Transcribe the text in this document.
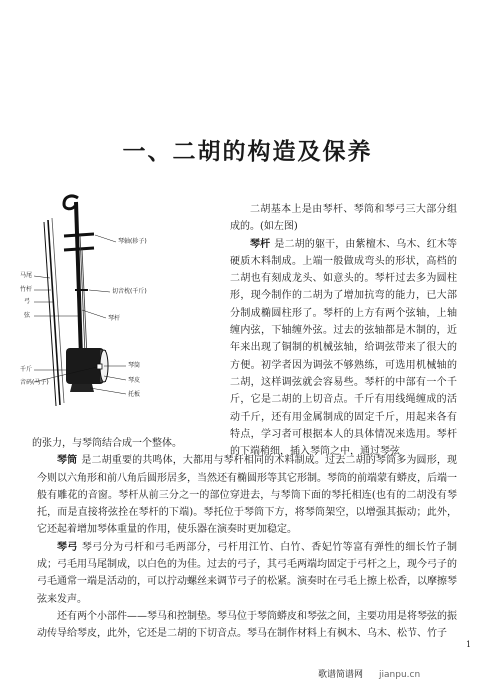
一、二胡的构造及保养
琴轴(轸子)
切音枕(千斤)
琴杆
琴筒
琴皮
托板
马尾
竹杆
弓
弦
千斤
音码(马子)

二胡基本上是由琴杆、琴筒和琴弓三大部分组成的。(如左图)

琴杆 是二胡的躯干，由紫檀木、乌木、红木等硬质木料制成。上端一般做成弯头的形状，高档的二胡也有刻成龙头、如意头的。琴杆过去多为圆柱形，现今制作的二胡为了增加抗弯的能力，已大部分制成椭圆柱形了。琴杆的上方有两个弦轴，上轴缠内弦，下轴缠外弦。过去的弦轴都是木制的，近年来出现了铜制的机械弦轴，给调弦带来了很大的方便。初学者因为调弦不够熟练，可选用机械轴的二胡，这样调弦就会容易些。琴杆的中部有一个千斤，它是二胡的上切音点。千斤有用线绳缠成的活动千斤，还有用金属制成的固定千斤，用起来各有特点，学习者可根据本人的具体情况来选用。琴杆的下端稍细，插入琴筒之中，通过琴弦

的张力，与琴筒结合成一个整体。

琴筒 是二胡重要的共鸣体，大都用与琴杆相同的木料制成。过去二胡的琴筒多为圆形，现今则以六角形和前八角后圆形居多，当然还有椭圆形等其它形制。琴筒的前端蒙有蟒皮，后端一般有雕花的音窗。琴杆从前三分之一的部位穿进去，与琴筒下面的琴托相连(也有的二胡没有琴托，而是直接将弦拴在琴杆的下端)。琴托位于琴筒下方，将琴筒架空，以增强其振动；此外，它还起着增加琴体重量的作用，使乐器在演奏时更加稳定。

琴弓 琴弓分为弓杆和弓毛两部分，弓杆用江竹、白竹、香妃竹等富有弹性的细长竹子制成；弓毛用马尾制成，以白色的为佳。过去的弓子，其弓毛两端均固定于弓杆之上，现今弓子的弓毛通常一端是活动的，可以拧动螺丝来调节弓子的松紧。演奏时在弓毛上擦上松香，以摩擦琴弦来发声。

还有两个小部件——琴马和控制垫。琴马位于琴筒蟒皮和琴弦之间，主要功用是将琴弦的振动传导给琴皮，此外，它还是二胡的下切音点。琴马在制作材料上有枫木、乌木、松节、竹子

1
歌谱简谱网 jianpu.cn
